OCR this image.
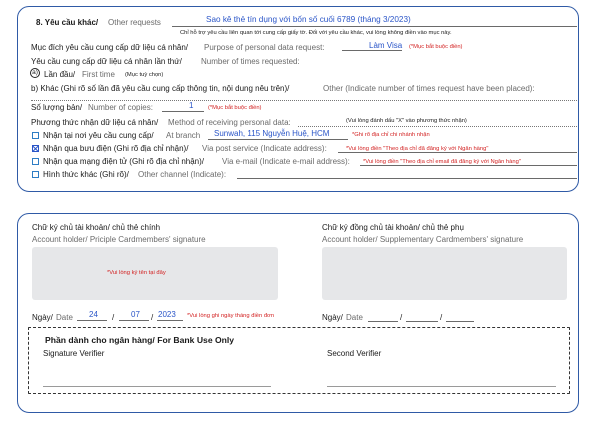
8. Yêu cầu khác/ Other requests	Sao kê thẻ tín dụng với bốn số cuối 6789 (tháng 3/2023)
Chỉ hỗ trợ yêu cầu liên quan tới cung cấp giấy tờ. Đối với yêu cầu khác, vui lòng không điền vào mục này.
Mục đích yêu cầu cung cấp dữ liệu cá nhân/ Purpose of personal data request:	Làm Visa (*Mục bắt buộc điền)
Yêu cầu cung cấp dữ liệu cá nhân lần thứ/ Number of times requested:
a) Lần đầu/ First time (Mục tuỳ chọn)
b) Khác (Ghi rõ số lần đã yêu cầu cung cấp thông tin, nội dung nêu trên)/	Other (Indicate number of times request have been placed):
Số lượng bản/ Number of copies:	1	(*Mục bắt buộc điền)
Phương thức nhận dữ liệu cá nhân/ Method of receiving personal data:	(Vui lòng đánh dấu "X" vào phương thức nhận)
Nhận tại nơi yêu cầu cung cấp/ At branch Sunwah, 115 Nguyễn Huệ, HCM	*Ghi rõ địa chỉ chi nhánh nhận
Nhận qua bưu điện (Ghi rõ địa chỉ nhận)/ Via post service (Indicate address):	*Vui lòng điền "Theo địa chỉ đã đăng ký với Ngân hàng"
Nhận qua mạng điện tử (Ghi rõ địa chỉ nhận)/ Via e-mail (Indicate e-mail address): *Vui lòng điền "Theo địa chỉ email đã đăng ký với Ngân hàng"
Hình thức khác (Ghi rõ)/ Other channel (Indicate):
Chữ ký chủ tài khoản/ chủ thẻ chính
Account holder/ Priciple Cardmembers' signature
*Vui lòng ký tên tại đây
Chữ ký đồng chủ tài khoản/ chủ thẻ phụ
Account holder/ Supplementary Cardmembers' signature
Ngày/ Date 24 / 07 / 2023 *Vui lòng ghi ngày tháng điền đơn	Ngày/ Date	/	/
Phần dành cho ngân hàng/ For Bank Use Only
Signature Verifier	Second Verifier
